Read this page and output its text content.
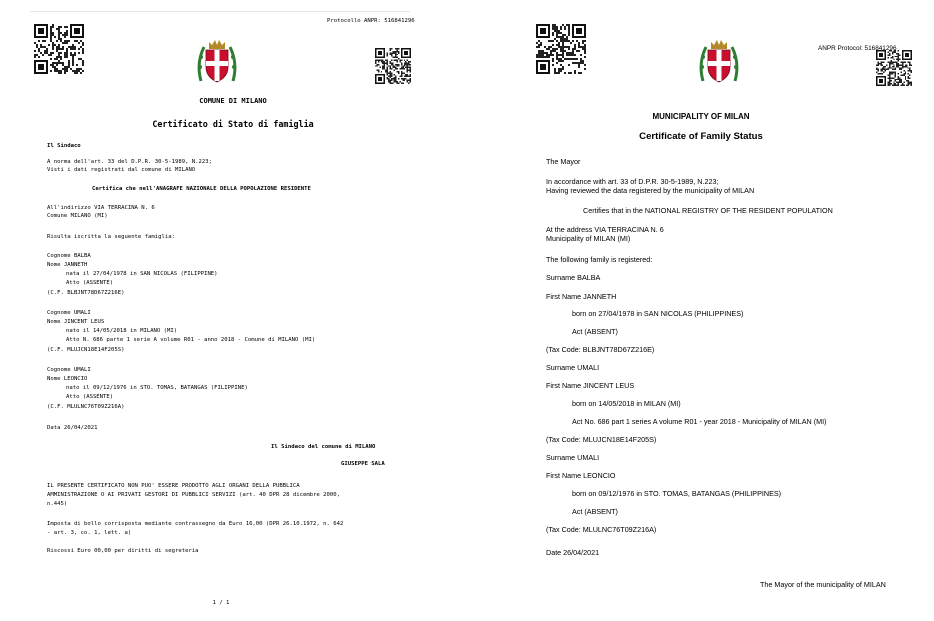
Protocollo ANPR: 516841296
COMUNE DI MILANO
Certificato di Stato di famiglia
Il Sindaco
A norma dell'art. 33 del D.P.R. 30-5-1989, N.223;
Visti i dati registrati dal comune di MILANO
Certifica che nell'ANAGRAFE NAZIONALE DELLA POPOLAZIONE RESIDENTE
All'indirizzo VIA TERRACINA N. 6
Comune MILANO (MI)
Risulta iscritta la seguente famiglia:
Cognome BALBA
Nome JANNETH
nata il 27/04/1978 in SAN NICOLAS (FILIPPINE)
Atto (ASSENTE)
(C.F. BLBJNT78D67Z216E)
Cognome UMALI
Nome JINCENT LEUS
nato il 14/05/2018 in MILANO (MI)
Atto N. 686 parte 1 serie A volume R01 - anno 2018 - Comune di MILANO (MI)
(C.F. MLUJCN18E14F205S)
Cognome UMALI
Nome LEONCIO
nato il 09/12/1976 in STO. TOMAS, BATANGAS (FILIPPINE)
Atto (ASSENTE)
(C.F. MLULNC76T09Z216A)
Data 26/04/2021
Il Sindaco del comune di MILANO
GIUSEPPE SALA
IL PRESENTE CERTIFICATO NON PUO' ESSERE PRODOTTO AGLI ORGANI DELLA PUBBLICA
AMMINISTRAZIONE O AI PRIVATI GESTORI DI PUBBLICI SERVIZI (art. 40 DPR 28 dicembre 2000,
n.445)
Imposta di bollo corrisposta mediante contrassegno da Euro 16,00 (DPR 26.10.1972, n. 642
- art. 3, co. 1, lett. a)
Riscossi Euro 00,00 per diritti di segreteria
1 / 1
ANPR Protocol: 516841296
MUNICIPALITY OF MILAN
Certificate of Family Status
The Mayor
In accordance with art. 33 of D.P.R. 30-5-1989, N.223;
Having reviewed the data registered by the municipality of MILAN
Certifies that in the NATIONAL REGISTRY OF THE RESIDENT POPULATION
At the address VIA TERRACINA N. 6
Municipality of MILAN (MI)
The following family is registered:
Surname BALBA
First Name JANNETH
born on 27/04/1978 in SAN NICOLAS (PHILIPPINES)
Act (ABSENT)
(Tax Code: BLBJNT78D67Z216E)
Surname UMALI
First Name JINCENT LEUS
born on 14/05/2018 in MILAN (MI)
Act No. 686 part 1 series A volume R01 - year 2018 - Municipality of MILAN (MI)
(Tax Code: MLUJCN18E14F205S)
Surname UMALI
First Name LEONCIO
born on 09/12/1976 in STO. TOMAS, BATANGAS (PHILIPPINES)
Act (ABSENT)
(Tax Code: MLULNC76T09Z216A)
Date 26/04/2021
The Mayor of the municipality of MILAN
